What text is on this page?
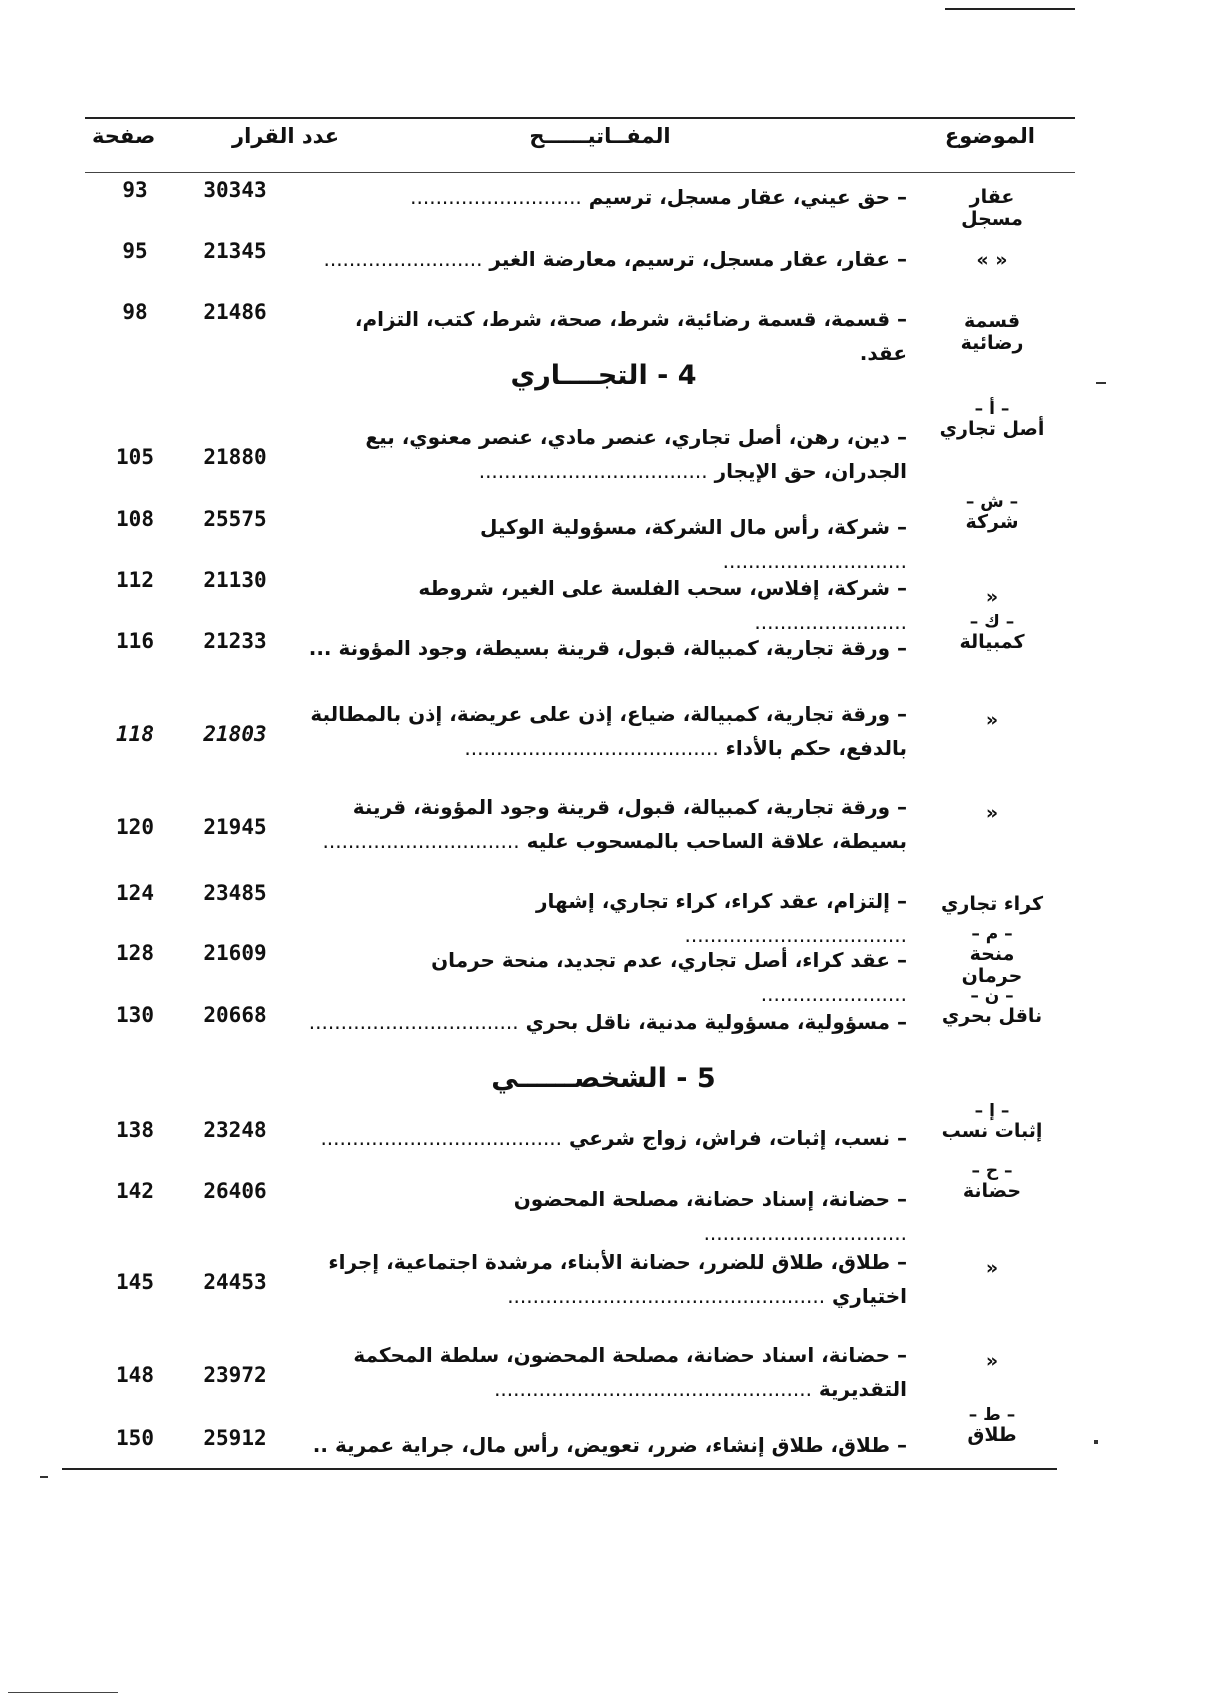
الموضوع
المفــاتيــــــح
عدد القرار
صفحة
عقار مسجل
– حق عيني، عقار مسجل، ترسيم ...........................
30343
93
« »
– عقار، عقار مسجل، ترسيم، معارضة الغير .........................
21345
95
قسمة رضائية
– قسمة، قسمة رضائية، شرط، صحة، شرط، كتب، التزام، عقد.
21486
98
4 - التجــــاري
– أ –
أصل تجاري
– دين، رهن، أصل تجاري، عنصر مادي، عنصر معنوي، بيع
الجدران، حق الإيجار ....................................
21880
105
– ش –
شركة
– شركة، رأس مال الشركة، مسؤولية الوكيل .............................
25575
108
«
– شركة، إفلاس، سحب الفلسة على الغير، شروطه ........................
21130
112
– ك –
كمبيالة
– ورقة تجارية، كمبيالة، قبول، قرينة بسيطة، وجود المؤونة ...
21233
116
«
– ورقة تجارية، كمبيالة، ضياع، إذن على عريضة، إذن بالمطالبة
بالدفع، حكم بالأداء ........................................
21803
118
«
– ورقة تجارية، كمبيالة، قبول، قرينة وجود المؤونة، قرينة
بسيطة، علاقة الساحب بالمسحوب عليه ...............................
21945
120
كراء تجاري
– إلتزام، عقد كراء، كراء تجاري، إشهار ...................................
23485
124
– م –
منحة حرمان
– عقد كراء، أصل تجاري، عدم تجديد، منحة حرمان .......................
21609
128
– ن –
ناقل بحري
– مسؤولية، مسؤولية مدنية، ناقل بحري .................................
20668
130
5 - الشخصــــــي
– إ –
إثبات نسب
– نسب، إثبات، فراش، زواج شرعي ......................................
23248
138
– ح –
حضانة
– حضانة، إسناد حضانة، مصلحة المحضون ................................
26406
142
«
– طلاق، طلاق للضرر، حضانة الأبناء، مرشدة اجتماعية، إجراء
اختياري ..................................................
24453
145
«
– حضانة، اسناد حضانة، مصلحة المحضون، سلطة المحكمة
التقديرية ..................................................
23972
148
– ط –
طلاق
– طلاق، طلاق إنشاء، ضرر، تعويض، رأس مال، جراية عمرية ..
25912
150
